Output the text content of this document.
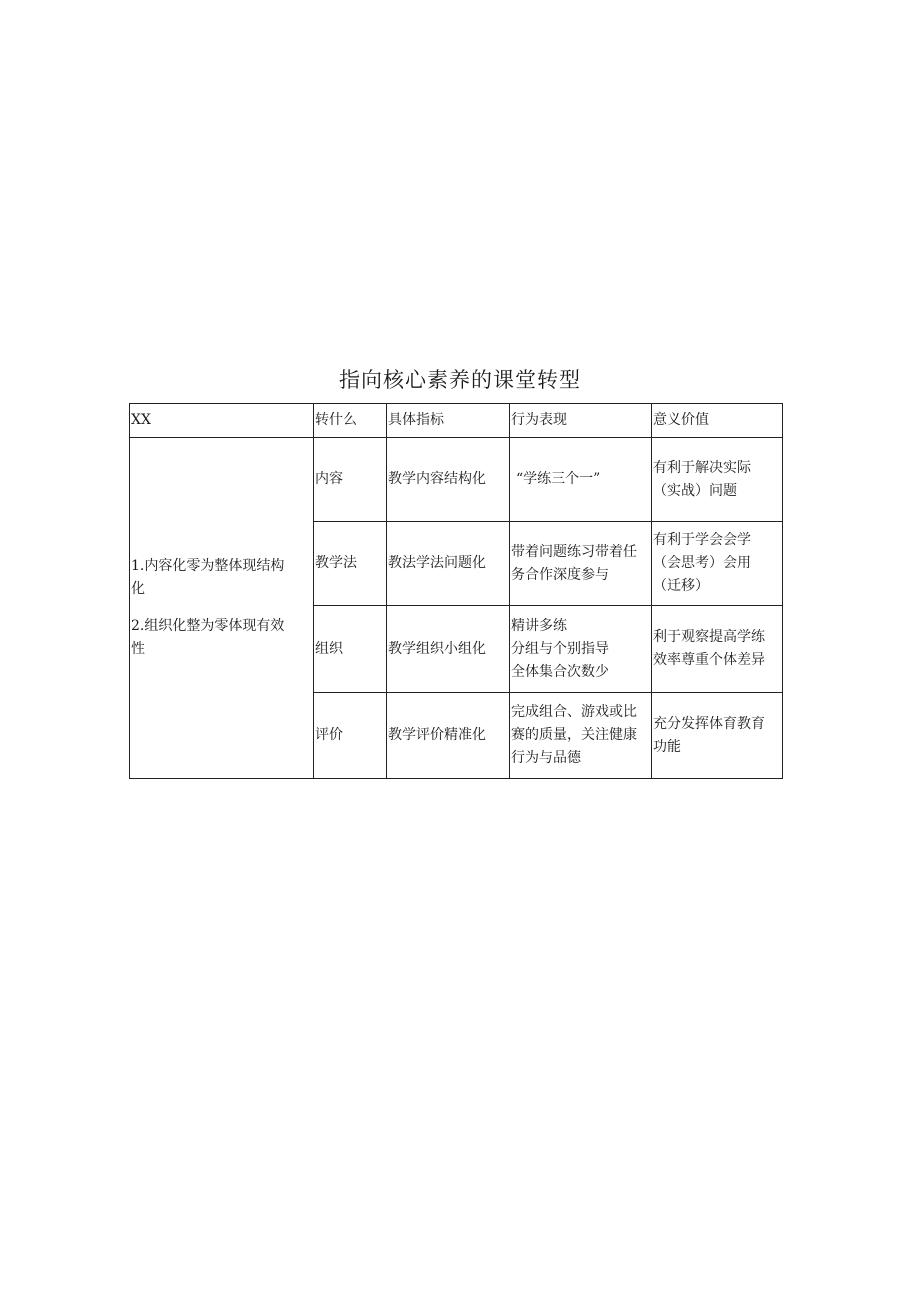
指向核心素养的课堂转型
XX	转什么	具体指标	行为表现	意义价值

1.内容化零为整体现结构
化
2.组织化整为零体现有效
性	内容	教学内容结构化	“学练三个一”	有利于解决实际
（实战）问题

	教学法	教法学法问题化	带着问题练习带着任
务合作深度参与	有利于学会会学
（会思考）会用
（迁移）

	组织	教学组织小组化	精讲多练
分组与个别指导
全体集合次数少	利于观察提高学练
效率尊重个体差异

	评价	教学评价精准化	完成组合、游戏或比
赛的质量，关注健康
行为与品德	充分发挥体育教育
功能
